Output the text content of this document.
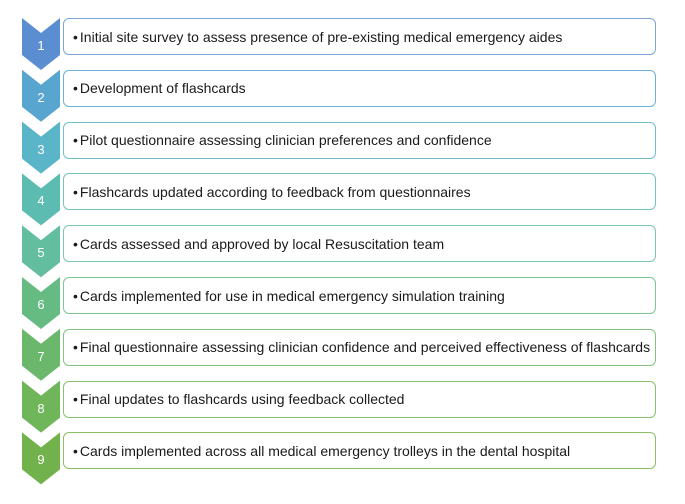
1
• Initial site survey to assess presence of pre-existing medical emergency aides
2
• Development of flashcards
3
• Pilot questionnaire assessing clinician preferences and confidence
4
• Flashcards updated according to feedback from questionnaires
5
• Cards assessed and approved by local Resuscitation team
6
• Cards implemented for use in medical emergency simulation training
7
• Final questionnaire assessing clinician confidence and perceived effectiveness of flashcards
8
• Final updates to flashcards using feedback collected
9
• Cards implemented across all medical emergency trolleys in the dental hospital
